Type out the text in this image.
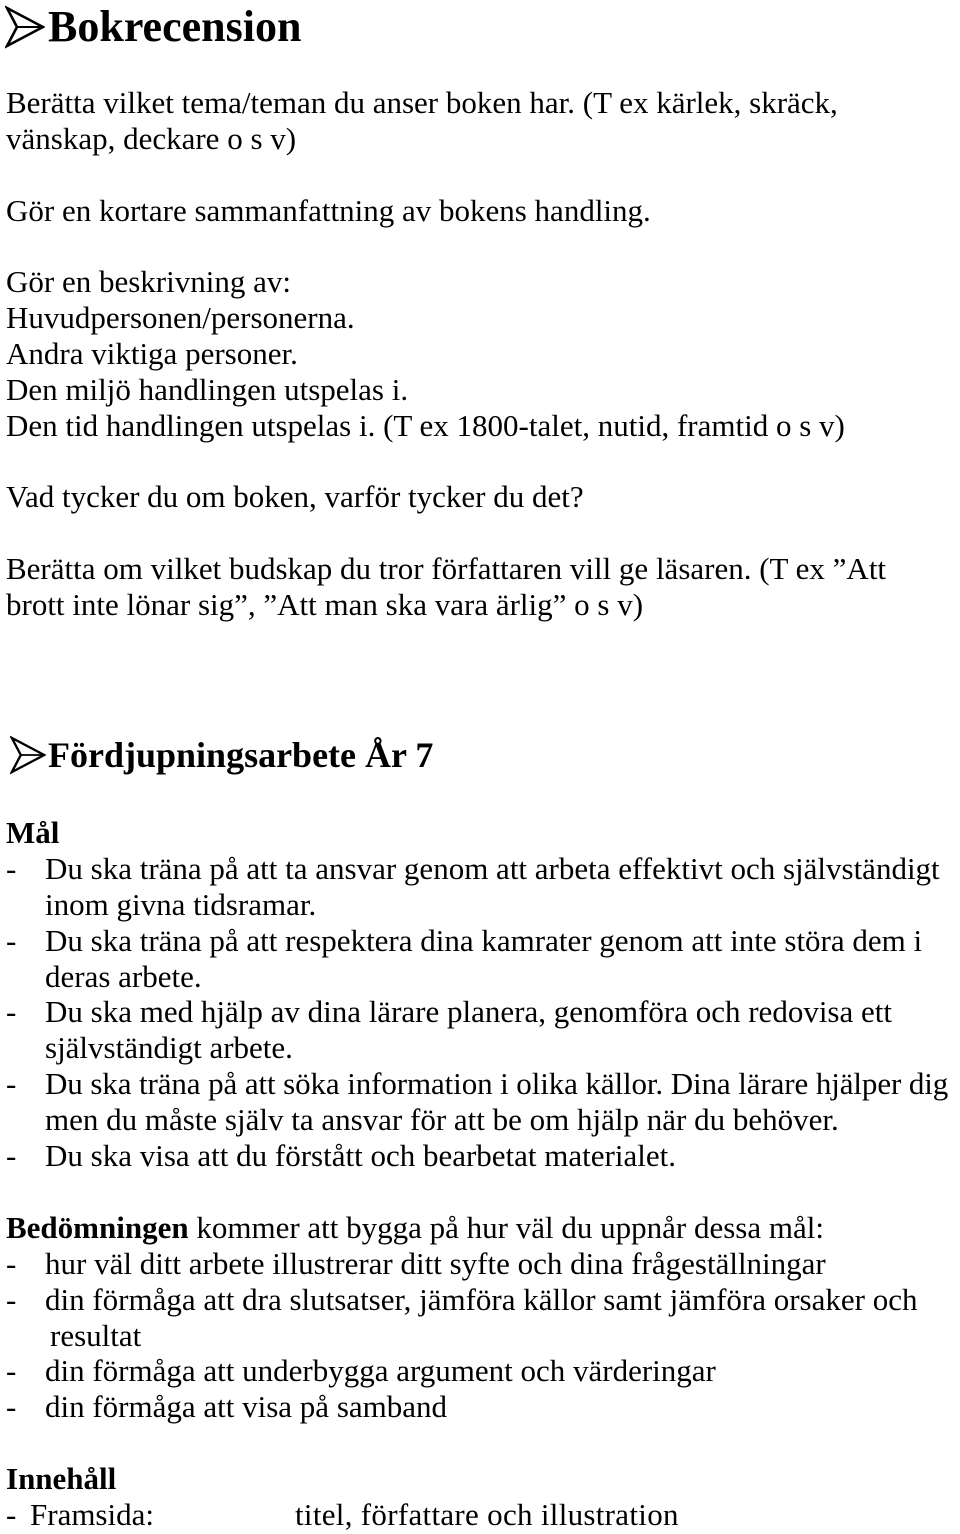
Bokrecension

Berätta vilket tema/teman du anser boken har. (T ex kärlek, skräck,
vänskap, deckare o s v)

Gör en kortare sammanfattning av bokens handling.

Gör en beskrivning av:
Huvudpersonen/personerna.
Andra viktiga personer.
Den miljö handlingen utspelas i.
Den tid handlingen utspelas i. (T ex 1800-talet, nutid, framtid o s v)

Vad tycker du om boken, varför tycker du det?

Berätta om vilket budskap du tror författaren vill ge läsaren. (T ex ”Att
brott inte lönar sig”, ”Att man ska vara ärlig” o s v)

Fördjupningsarbete År 7
Mål
- Du ska träna på att ta ansvar genom att arbeta effektivt och självständigt
inom givna tidsramar.
- Du ska träna på att respektera dina kamrater genom att inte störa dem i
deras arbete.
- Du ska med hjälp av dina lärare planera, genomföra och redovisa ett
självständigt arbete.
- Du ska träna på att söka information i olika källor. Dina lärare hjälper dig
men du måste själv ta ansvar för att be om hjälp när du behöver.
- Du ska visa att du förstått och bearbetat materialet.
Bedömningen kommer att bygga på hur väl du uppnår dessa mål:
- hur väl ditt arbete illustrerar ditt syfte och dina frågeställningar
- din förmåga att dra slutsatser, jämföra källor samt jämföra orsaker och
resultat
- din förmåga att underbygga argument och värderingar
- din förmåga att visa på samband
Innehåll
- Framsida:	titel, författare och illustration
